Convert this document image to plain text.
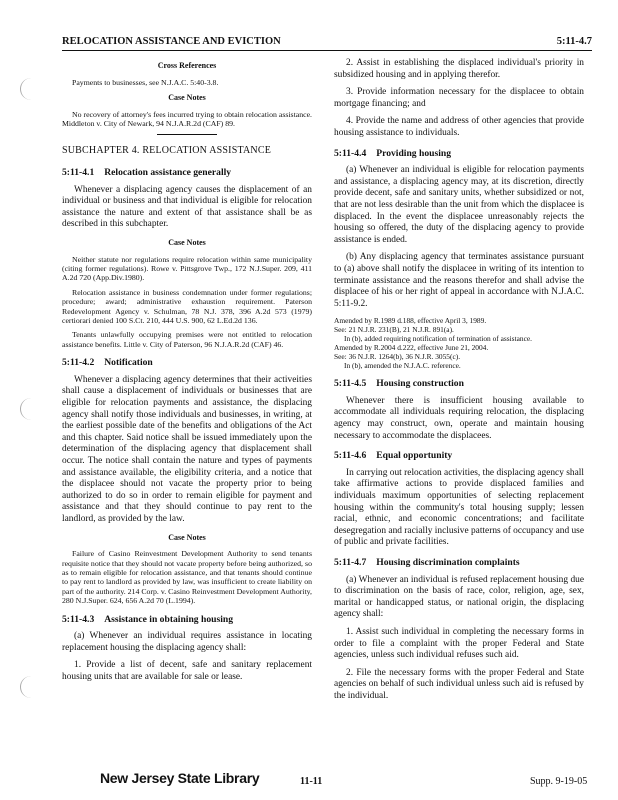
RELOCATION ASSISTANCE AND EVICTION	5:11-4.7
Cross References

Payments to businesses, see N.J.A.C. 5:40-3.8.

Case Notes

No recovery of attorney's fees incurred trying to obtain relocation assistance. Middleton v. City of Newark, 94 N.J.A.R.2d (CAF) 89.

SUBCHAPTER 4. RELOCATION ASSISTANCE
5:11-4.1 Relocation assistance generally

Whenever a displacing agency causes the displacement of an individual or business and that individual is eligible for relocation assistance the nature and extent of that assistance shall be as described in this subchapter.

Case Notes

Neither statute nor regulations require relocation within same municipality (citing former regulations). Rowe v. Pittsgrove Twp., 172 N.J.Super. 209, 411 A.2d 720 (App.Div.1980).

Relocation assistance in business condemnation under former regulations; procedure; award; administrative exhaustion requirement. Paterson Redevelopment Agency v. Schulman, 78 N.J. 378, 396 A.2d 573 (1979) certiorari denied 100 S.Ct. 210, 444 U.S. 900, 62 L.Ed.2d 136.

Tenants unlawfully occupying premises were not entitled to relocation assistance benefits. Little v. City of Paterson, 96 N.J.A.R.2d (CAF) 46.

5:11-4.2 Notification

Whenever a displacing agency determines that their activeities shall cause a displacement of individuals or businesses that are eligible for relocation payments and assistance, the displacing agency shall notify those individuals and businesses, in writing, at the earliest possible date of the benefits and obligations of the Act and this chapter. Said notice shall be issued immediately upon the determination of the displacing agency that displacement shall occur. The notice shall contain the nature and types of payments and assistance available, the eligibility criteria, and a notice that the displacee should not vacate the property prior to being authorized to do so in order to remain eligible for payment and assistance and that they should continue to pay rent to the landlord, as provided by the law.

Case Notes

Failure of Casino Reinvestment Development Authority to send tenants requisite notice that they should not vacate property before being authorized, so as to remain eligible for relocation assistance, and that tenants should continue to pay rent to landlord as provided by law, was insufficient to create liability on part of the authority. 214 Corp. v. Casino Reinvestment Development Authority, 280 N.J.Super. 624, 656 A.2d 70 (L.1994).

5:11-4.3 Assistance in obtaining housing

(a) Whenever an individual requires assistance in locating replacement housing the displacing agency shall:

1. Provide a list of decent, safe and sanitary replacement housing units that are available for sale or lease.

2. Assist in establishing the displaced individual's priority in subsidized housing and in applying therefor.

3. Provide information necessary for the displacee to obtain mortgage financing; and

4. Provide the name and address of other agencies that provide housing assistance to individuals.

5:11-4.4 Providing housing

(a) Whenever an individual is eligible for relocation payments and assistance, a displacing agency may, at its discretion, directly provide decent, safe and sanitary units, whether subsidized or not, that are not less desirable than the unit from which the displacee is displaced. In the event the displacee unreasonably rejects the housing so offered, the duty of the displacing agency to provide assistance is ended.

(b) Any displacing agency that terminates assistance pursuant to (a) above shall notify the displacee in writing of its intention to terminate assistance and the reasons therefor and shall advise the displacee of his or her right of appeal in accordance with N.J.A.C. 5:11-9.2.

Amended by R.1989 d.188, effective April 3, 1989.
See: 21 N.J.R. 231(B), 21 N.J.R. 891(a).
In (b), added requiring notification of termination of assistance.
Amended by R.2004 d.222, effective June 21, 2004.
See: 36 N.J.R. 1264(b), 36 N.J.R. 3055(c).
In (b), amended the N.J.A.C. reference.
5:11-4.5 Housing construction

Whenever there is insufficient housing available to accommodate all individuals requiring relocation, the displacing agency may construct, own, operate and maintain housing necessary to accommodate the displacees.

5:11-4.6 Equal opportunity

In carrying out relocation activities, the displacing agency shall take affirmative actions to provide displaced families and individuals maximum opportunities of selecting replacement housing within the community's total housing supply; lessen racial, ethnic, and economic concentrations; and facilitate desegregation and racially inclusive patterns of occupancy and use of public and private facilities.

5:11-4.7 Housing discrimination complaints

(a) Whenever an individual is refused replacement housing due to discrimination on the basis of race, color, religion, age, sex, marital or handicapped status, or national origin, the displacing agency shall:

1. Assist such individual in completing the necessary forms in order to file a complaint with the proper Federal and State agencies, unless such individual refuses such aid.

2. File the necessary forms with the proper Federal and State agencies on behalf of such individual unless such aid is refused by the individual.

New Jersey State Library	11-11	Supp. 9-19-05
